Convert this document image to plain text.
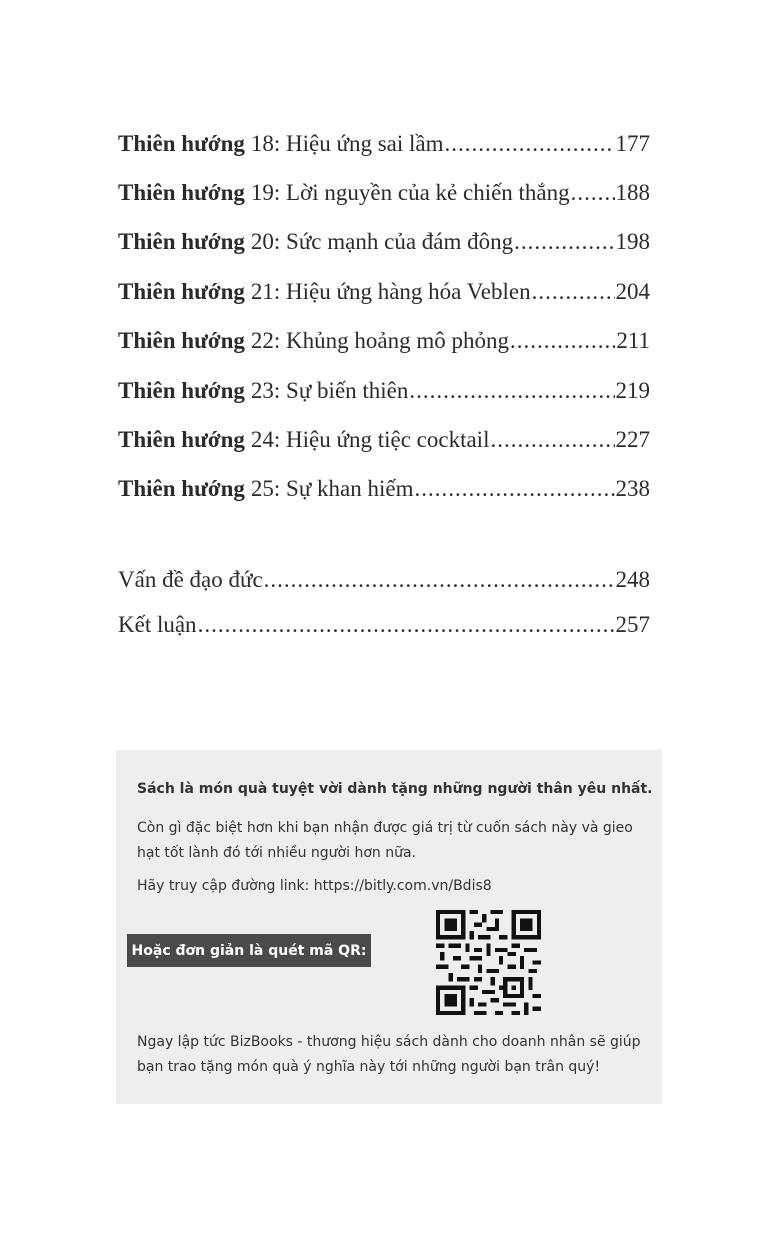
Thiên hướng 18: Hiệu ứng sai lầm .....	177
Thiên hướng 19: Lời nguyền của kẻ chiến thắng ..... 188
Thiên hướng 20: Sức mạnh của đám đông .....	198
Thiên hướng 21: Hiệu ứng hàng hóa Veblen .....	204
Thiên hướng 22: Khủng hoảng mô phỏng .....	211
Thiên hướng 23: Sự biến thiên .....	219
Thiên hướng 24: Hiệu ứng tiệc cocktail .....	227
Thiên hướng 25: Sự khan hiếm .....	238
Vấn đề đạo đức .....	248
Kết luận .....	257
Sách là món quà tuyệt vời dành tặng những người thân yêu nhất.
Còn gì đặc biệt hơn khi bạn nhận được giá trị từ cuốn sách này và gieo hạt tốt lành đó tới nhiều người hơn nữa.
Hãy truy cập đường link: https://bitly.com.vn/Bdis8
Hoặc đơn giản là quét mã QR:
Ngay lập tức BizBooks - thương hiệu sách dành cho doanh nhân sẽ giúp bạn trao tặng món quà ý nghĩa này tới những người bạn trân quý!
